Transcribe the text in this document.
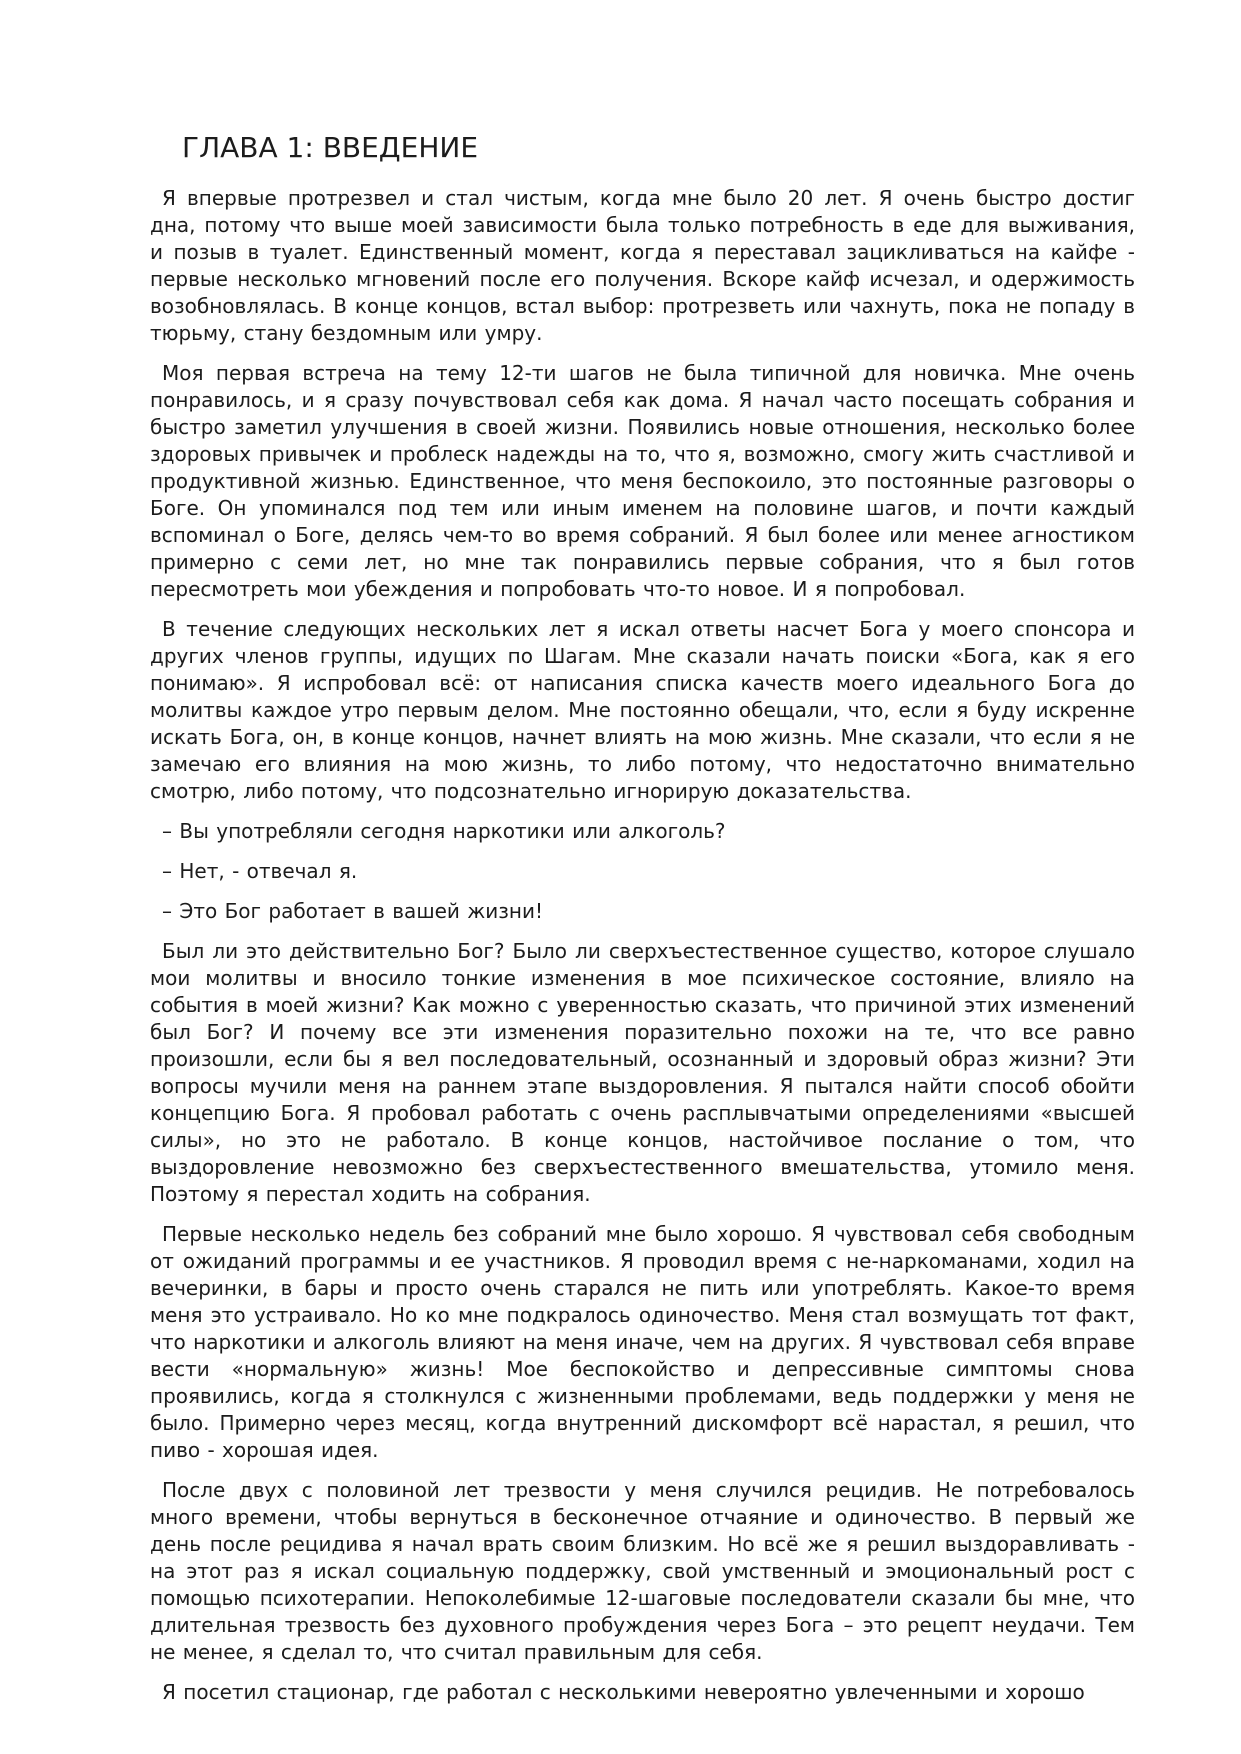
ГЛАВА 1: ВВЕДЕНИЕ

Я впервые протрезвел и стал чистым, когда мне было 20 лет. Я очень быстро достиг дна, потому что выше моей зависимости была только потребность в еде для выживания, и позыв в туалет. Единственный момент, когда я переставал зацикливаться на кайфе - первые несколько мгновений после его получения. Вскоре кайф исчезал, и одержимость возобновлялась. В конце концов, встал выбор: протрезветь или чахнуть, пока не попаду в тюрьму, стану бездомным или умру.

Моя первая встреча на тему 12-ти шагов не была типичной для новичка. Мне очень понравилось, и я сразу почувствовал себя как дома. Я начал часто посещать собрания и быстро заметил улучшения в своей жизни. Появились новые отношения, несколько более здоровых привычек и проблеск надежды на то, что я, возможно, смогу жить счастливой и продуктивной жизнью. Единственное, что меня беспокоило, это постоянные разговоры о Боге. Он упоминался под тем или иным именем на половине шагов, и почти каждый вспоминал о Боге, делясь чем-то во время собраний. Я был более или менее агностиком примерно с семи лет, но мне так понравились первые собрания, что я был готов пересмотреть мои убеждения и попробовать что-то новое. И я попробовал.

В течение следующих нескольких лет я искал ответы насчет Бога у моего спонсора и других членов группы, идущих по Шагам. Мне сказали начать поиски «Бога, как я его понимаю». Я испробовал всё: от написания списка качеств моего идеального Бога до молитвы каждое утро первым делом. Мне постоянно обещали, что, если я буду искренне искать Бога, он, в конце концов, начнет влиять на мою жизнь. Мне сказали, что если я не замечаю его влияния на мою жизнь, то либо потому, что недостаточно внимательно смотрю, либо потому, что подсознательно игнорирую доказательства.

– Вы употребляли сегодня наркотики или алкоголь?

– Нет, - отвечал я.

– Это Бог работает в вашей жизни!

Был ли это действительно Бог? Было ли сверхъестественное существо, которое слушало мои молитвы и вносило тонкие изменения в мое психическое состояние, влияло на события в моей жизни? Как можно с уверенностью сказать, что причиной этих изменений был Бог? И почему все эти изменения поразительно похожи на те, что все равно произошли, если бы я вел последовательный, осознанный и здоровый образ жизни? Эти вопросы мучили меня на раннем этапе выздоровления. Я пытался найти способ обойти концепцию Бога. Я пробовал работать с очень расплывчатыми определениями «высшей силы», но это не работало. В конце концов, настойчивое послание о том, что выздоровление невозможно без сверхъестественного вмешательства, утомило меня. Поэтому я перестал ходить на собрания.

Первые несколько недель без собраний мне было хорошо. Я чувствовал себя свободным от ожиданий программы и ее участников. Я проводил время с не-наркоманами, ходил на вечеринки, в бары и просто очень старался не пить или употреблять. Какое-то время меня это устраивало. Но ко мне подкралось одиночество. Меня стал возмущать тот факт, что наркотики и алкоголь влияют на меня иначе, чем на других. Я чувствовал себя вправе вести «нормальную» жизнь! Мое беспокойство и депрессивные симптомы снова проявились, когда я столкнулся с жизненными проблемами, ведь поддержки у меня не было. Примерно через месяц, когда внутренний дискомфорт всё нарастал, я решил, что пиво - хорошая идея.

После двух с половиной лет трезвости у меня случился рецидив. Не потребовалось много времени, чтобы вернуться в бесконечное отчаяние и одиночество. В первый же день после рецидива я начал врать своим близким. Но всё же я решил выздоравливать - на этот раз я искал социальную поддержку, свой умственный и эмоциональный рост с помощью психотерапии. Непоколебимые 12-шаговые последователи сказали бы мне, что длительная трезвость без духовного пробуждения через Бога – это рецепт неудачи. Тем не менее, я сделал то, что считал правильным для себя.

Я посетил стационар, где работал с несколькими невероятно увлеченными и хорошо
